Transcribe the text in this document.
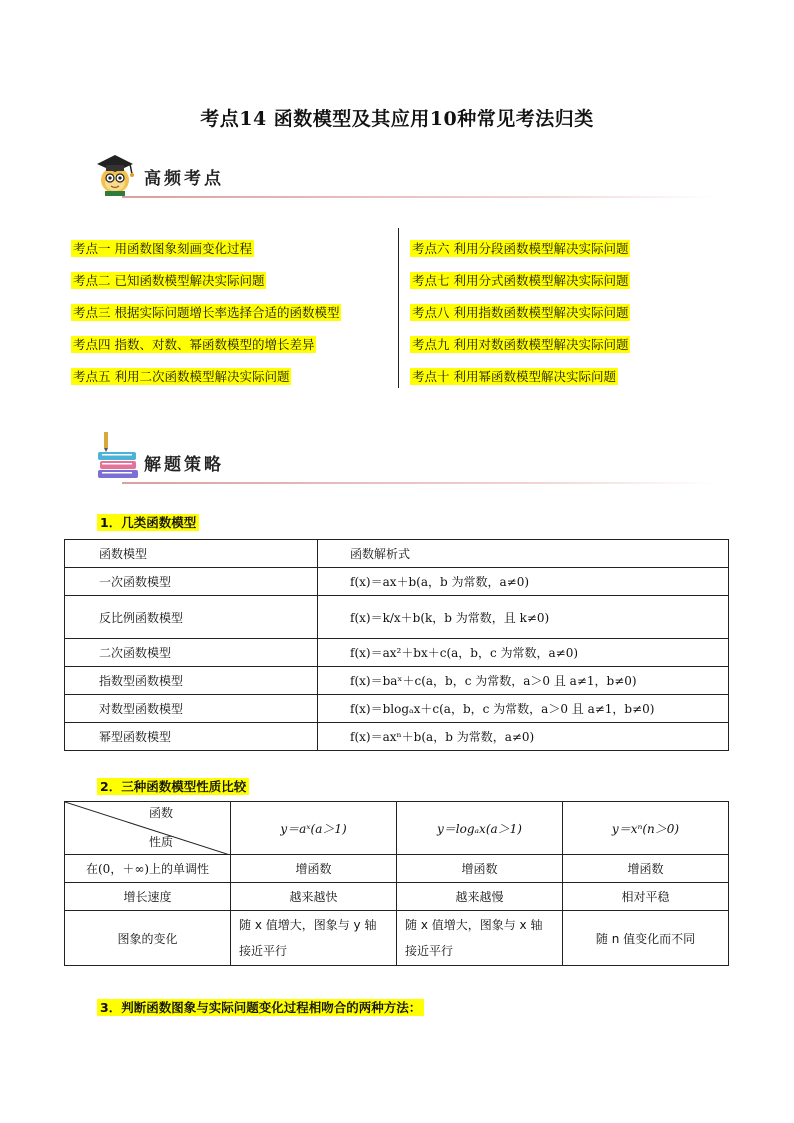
考点14 函数模型及其应用10种常见考法归类
高频考点
考点一 用函数图象刻画变化过程
考点二 已知函数模型解决实际问题
考点三 根据实际问题增长率选择合适的函数模型
考点四 指数、对数、幂函数模型的增长差异
考点五 利用二次函数模型解决实际问题
考点六 利用分段函数模型解决实际问题
考点七 利用分式函数模型解决实际问题
考点八 利用指数函数模型解决实际问题
考点九 利用对数函数模型解决实际问题
考点十 利用幂函数模型解决实际问题
解题策略
1．几类函数模型
函数模型	函数解析式
一次函数模型	f(x)＝ax＋b(a，b 为常数，a≠0)
反比例函数模型	f(x)＝k/x＋b(k，b 为常数，且 k≠0)
二次函数模型	f(x)＝ax²＋bx＋c(a，b，c 为常数，a≠0)
指数型函数模型	f(x)＝baˣ＋c(a，b，c 为常数，a＞0 且 a≠1，b≠0)
对数型函数模型	f(x)＝blogₐx＋c(a，b，c 为常数，a＞0 且 a≠1，b≠0)
幂型函数模型	f(x)＝axⁿ＋b(a，b 为常数，a≠0)
2．三种函数模型性质比较
函数
性质	y＝aˣ(a＞1)	y＝logₐx(a＞1)	y＝xⁿ(n＞0)
在(0，＋∞)上的单调性	增函数	增函数	增函数
增长速度	越来越快	越来越慢	相对平稳
图象的变化	随 x 值增大，图象与 y 轴接近平行	随 x 值增大，图象与 x 轴接近平行	随 n 值变化而不同
3．判断函数图象与实际问题变化过程相吻合的两种方法：
